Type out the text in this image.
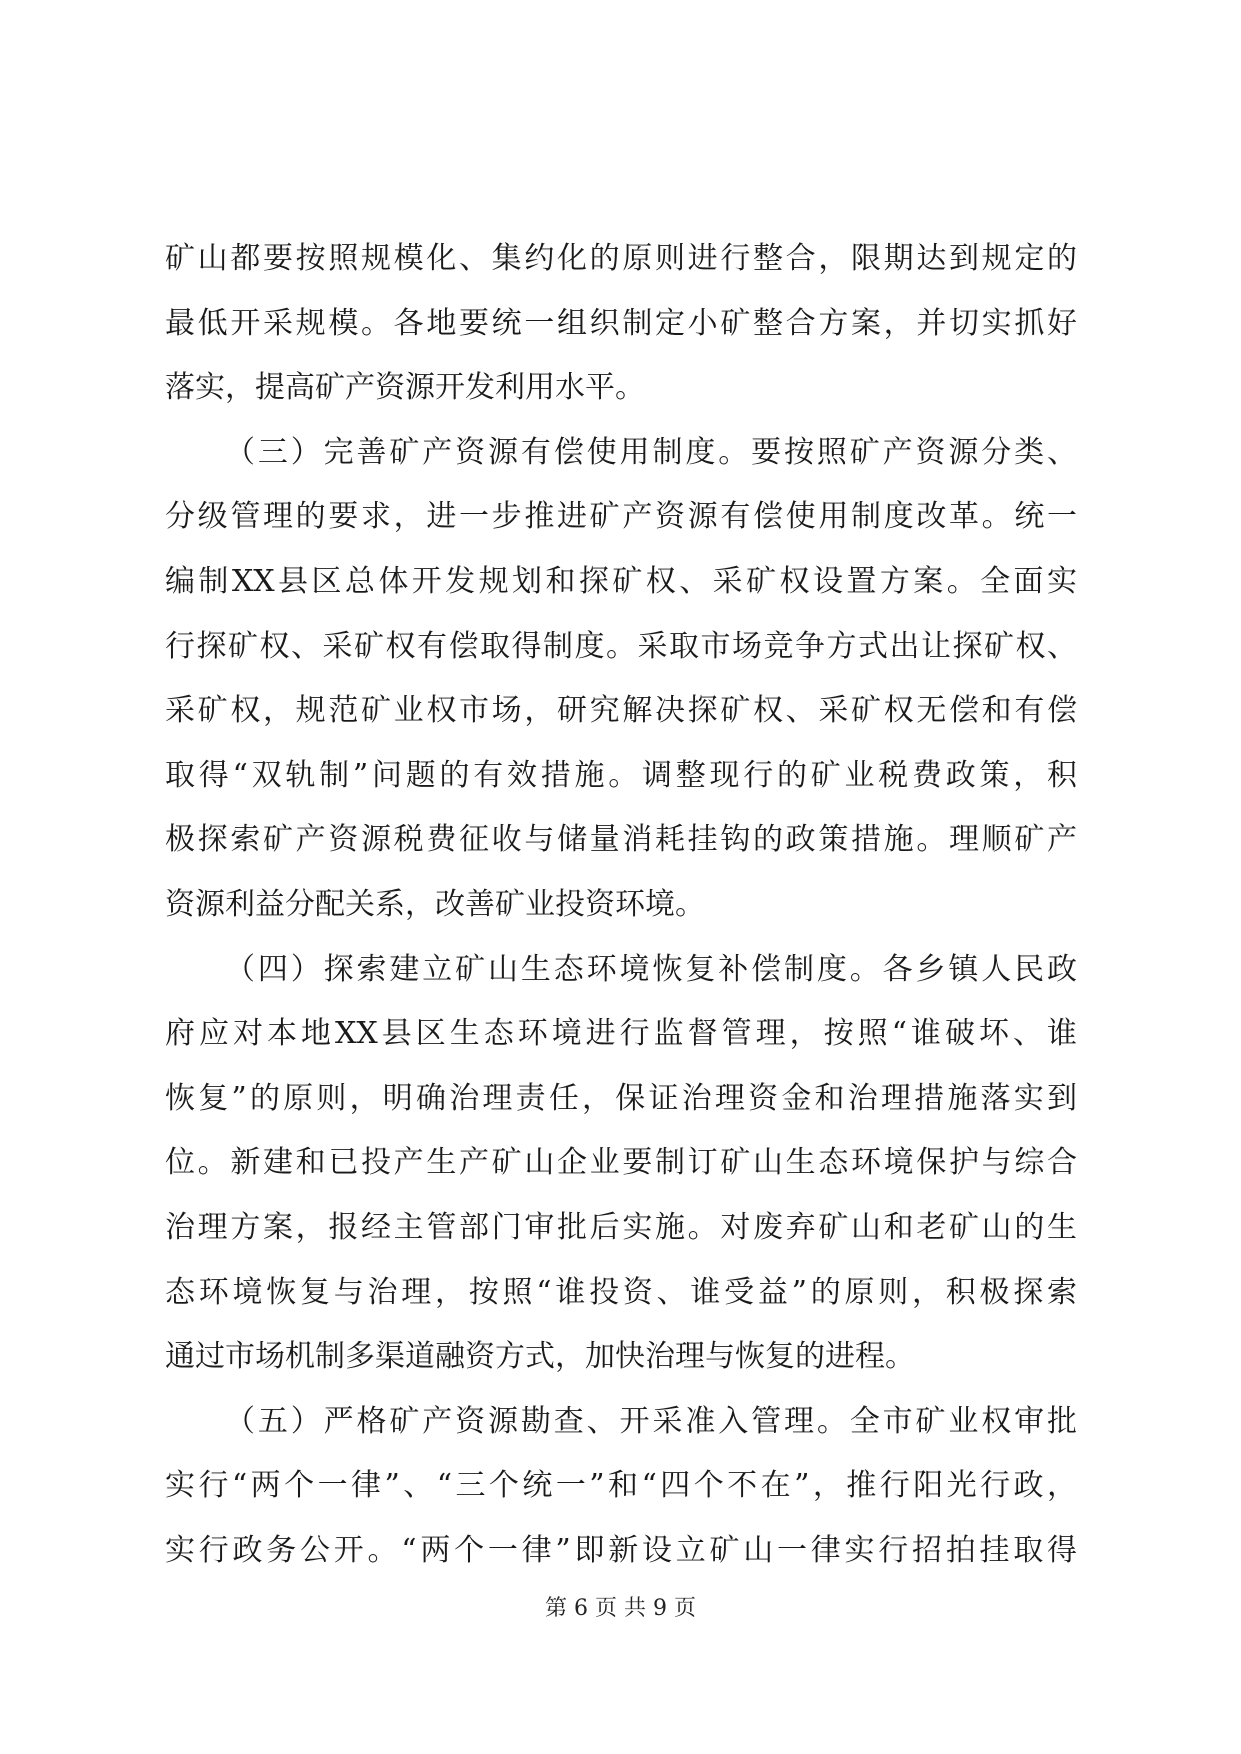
矿山都要按照规模化、集约化的原则进行整合，限期达到规定的
最低开采规模。各地要统一组织制定小矿整合方案，并切实抓好
落实，提高矿产资源开发利用水平。
（三）完善矿产资源有偿使用制度。要按照矿产资源分类、
分级管理的要求，进一步推进矿产资源有偿使用制度改革。统一
编制XX县区总体开发规划和探矿权、采矿权设置方案。全面实
行探矿权、采矿权有偿取得制度。采取市场竞争方式出让探矿权、
采矿权，规范矿业权市场，研究解决探矿权、采矿权无偿和有偿
取得“双轨制”问题的有效措施。调整现行的矿业税费政策，积
极探索矿产资源税费征收与储量消耗挂钩的政策措施。理顺矿产
资源利益分配关系，改善矿业投资环境。
（四）探索建立矿山生态环境恢复补偿制度。各乡镇人民政
府应对本地XX县区生态环境进行监督管理，按照“谁破坏、谁
恢复”的原则，明确治理责任，保证治理资金和治理措施落实到
位。新建和已投产生产矿山企业要制订矿山生态环境保护与综合
治理方案，报经主管部门审批后实施。对废弃矿山和老矿山的生
态环境恢复与治理，按照“谁投资、谁受益”的原则，积极探索
通过市场机制多渠道融资方式，加快治理与恢复的进程。
（五）严格矿产资源勘查、开采准入管理。全市矿业权审批
实行“两个一律”、“三个统一”和“四个不在”，推行阳光行政，
实行政务公开。“两个一律”即新设立矿山一律实行招拍挂取得
第 6 页 共 9 页
